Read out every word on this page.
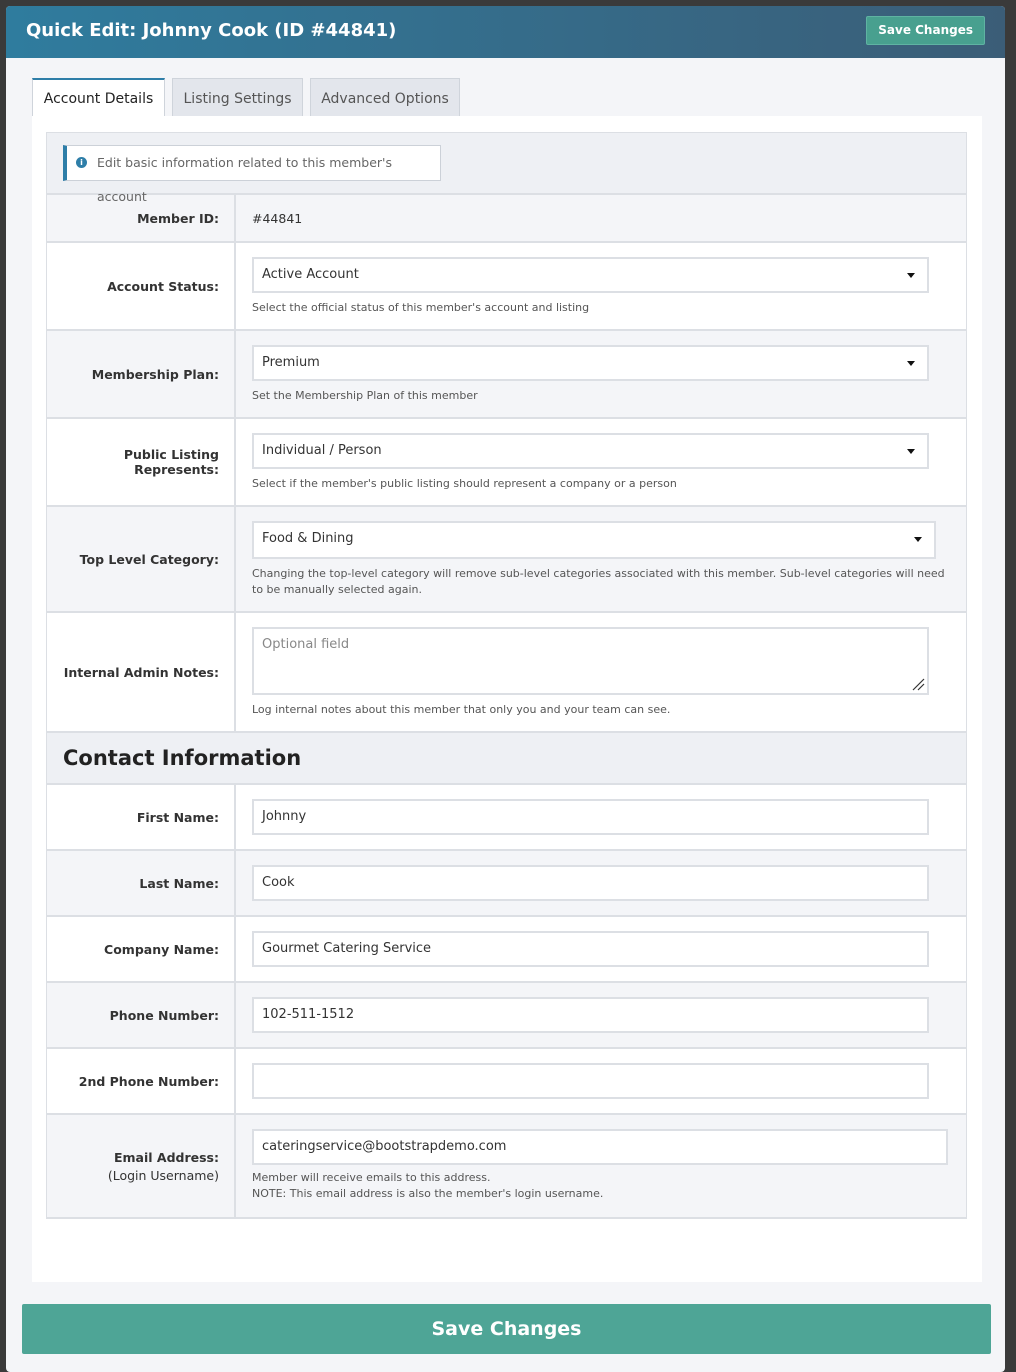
Quick Edit: Johnny Cook (ID #44841)	Save Changes
Account Details	Listing Settings	Advanced Options
i	Edit basic information related to this member's account
Member ID:	#44841
Account Status:
Active Account
Select the official status of this member's account and listing
Membership Plan:
Premium
Set the Membership Plan of this member
Public Listing Represents:
Individual / Person
Select if the member's public listing should represent a company or a person
Top Level Category:
Food & Dining
Changing the top-level category will remove sub-level categories associated with this member. Sub-level categories will need to be manually selected again.
Internal Admin Notes:
Optional field
Log internal notes about this member that only you and your team can see.
Contact Information
First Name:	Johnny
Last Name:	Cook
Company Name:	Gourmet Catering Service
Phone Number:	102-511-1512
2nd Phone Number:
Email Address:
(Login Username)
cateringservice@bootstrapdemo.com
Member will receive emails to this address.
NOTE: This email address is also the member's login username.
Save Changes
